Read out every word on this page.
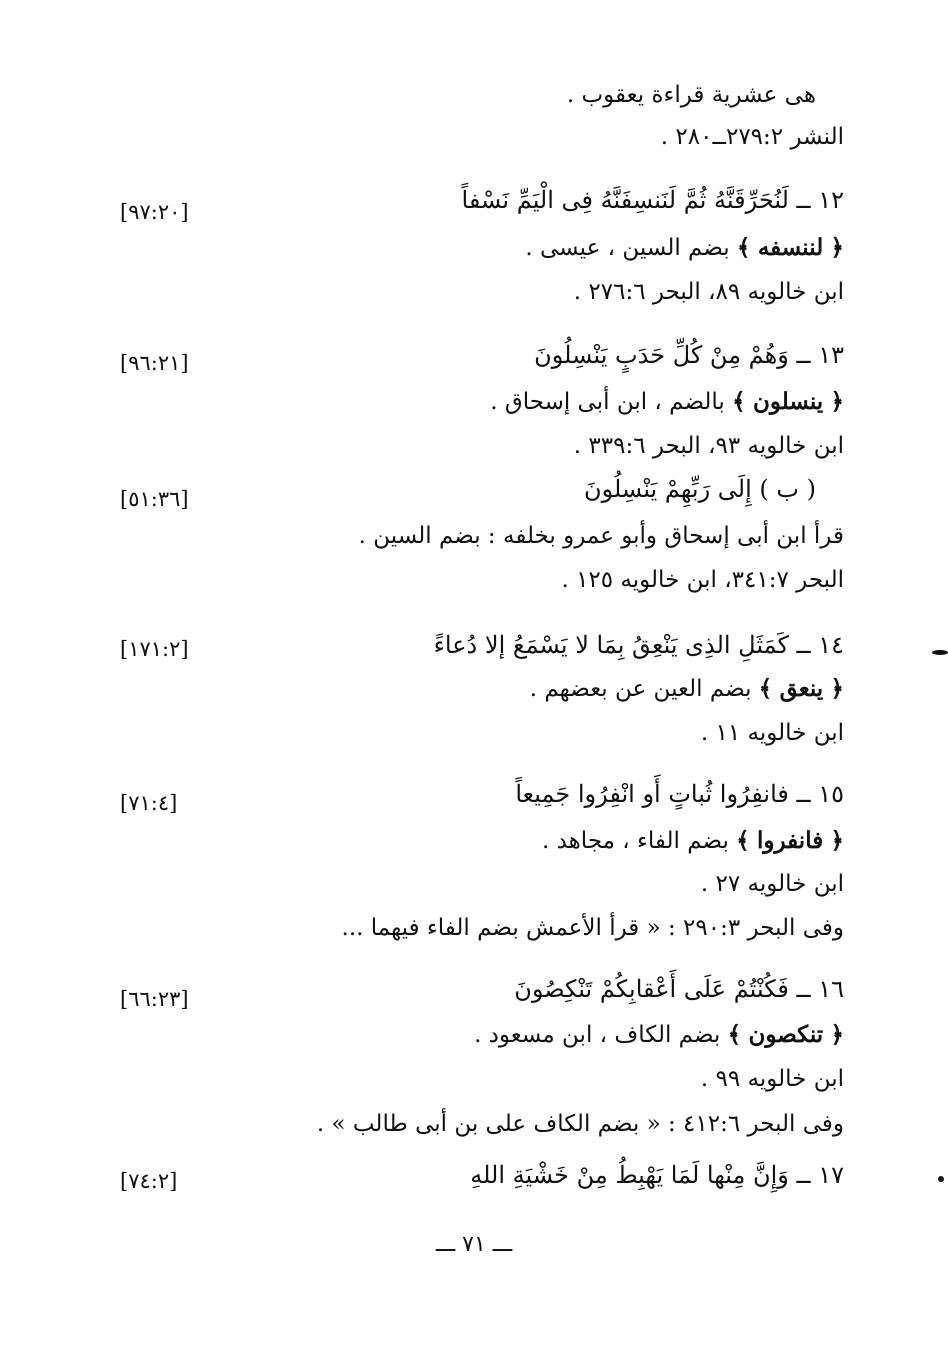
هى عشرية قراءة يعقوب .
النشر ٢٧٩:٢ــ٢٨٠ .
١٢ ــ لَنُحَرِّقَنَّهُ ثُمَّ لَنَنسِفَنَّهُ فِى الْيَمِّ نَسْفاً
[٩٧:٢٠]
﴿ لننسفه ﴾ بضم السين ، عيسى .
ابن خالويه ٨٩، البحر ٢٧٦:٦ .
١٣ ــ وَهُمْ مِنْ كُلِّ حَدَبٍ يَنْسِلُونَ
[٩٦:٢١]
﴿ ينسلون ﴾ بالضم ، ابن أبى إسحاق .
ابن خالويه ٩٣، البحر ٣٣٩:٦ .
( ب ) إِلَى رَبِّهِمْ يَنْسِلُونَ
[٥١:٣٦]
قرأ ابن أبى إسحاق وأبو عمرو بخلفه : بضم السين .
البحر ٣٤١:٧، ابن خالويه ١٢٥ .
١٤ ــ كَمَثَلِ الذِى يَنْعِقُ بِمَا لا يَسْمَعُ إلا دُعاءً
[١٧١:٢]
﴿ ينعق ﴾ بضم العين عن بعضهم .
ابن خالويه ١١ .
١٥ ــ فانفِرُوا ثُباتٍ أَو انْفِرُوا جَمِيعاً
[٧١:٤]
﴿ فانفروا ﴾ بضم الفاء ، مجاهد .
ابن خالويه ٢٧ .
وفى البحر ٢٩٠:٣ : « قرأ الأعمش بضم الفاء فيهما ...
١٦ ــ فَكُنْتُمْ عَلَى أَعْقابِكُمْ تَنْكِصُونَ
[٦٦:٢٣]
﴿ تنكصون ﴾ بضم الكاف ، ابن مسعود .
ابن خالويه ٩٩ .
وفى البحر ٤١٢:٦ : « بضم الكاف على بن أبى طالب » .
١٧ ــ وَإِنَّ مِنْها لَمَا يَهْبِطُ مِنْ خَشْيَةِ اللهِ
[٧٤:٢]
ـــ ٧١ ـــ
